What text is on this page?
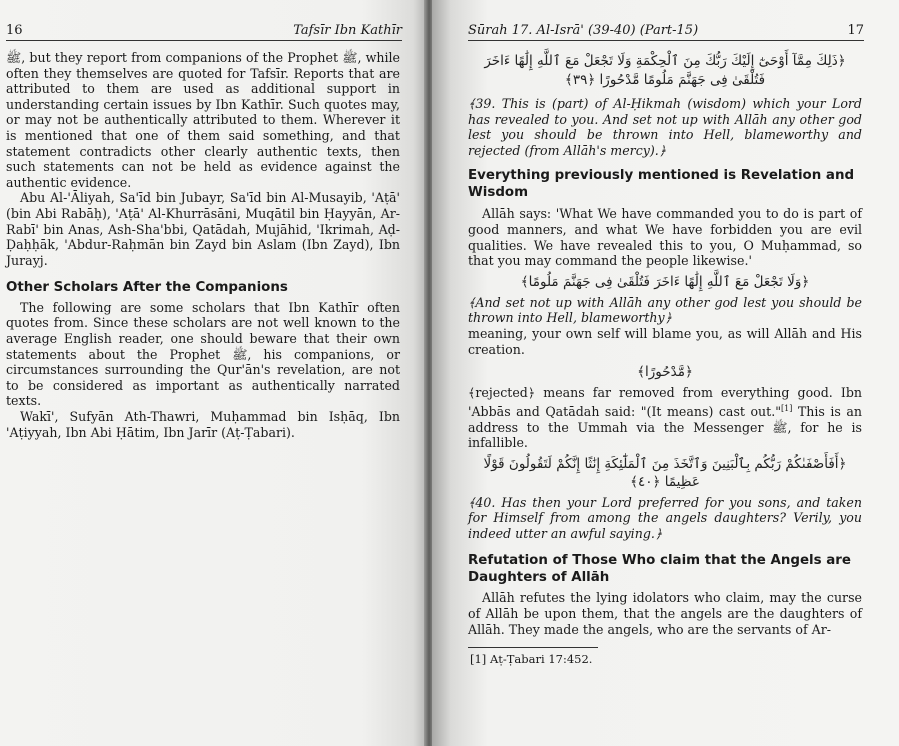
16	Tafsīr Ibn Kathīr

ﷺ, but they report from companions of the Prophet ﷺ, while often they themselves are quoted for Tafsīr. Reports that are attributed to them are used as additional support in understanding certain issues by Ibn Kathīr. Such quotes may, or may not be authentically attributed to them. Wherever it is mentioned that one of them said something, and that statement contradicts other clearly authentic texts, then such statements can not be held as evidence against the authentic evidence.

Abu Al-'Āliyah, Sa'īd bin Jubayr, Sa'īd bin Al-Musayib, 'Aṭā' (bin Abi Rabāḥ), 'Aṭā' Al-Khurrāsāni, Muqātil bin Ḥayyān, Ar-Rabī' bin Anas, Ash-Sha'bbi, Qatādah, Mujāhid, 'Ikrimah, Aḍ-Ḍaḥḥāk, 'Abdur-Raḥmān bin Zayd bin Aslam (Ibn Zayd), Ibn Jurayj.

Other Scholars After the Companions

The following are some scholars that Ibn Kathīr often quotes from. Since these scholars are not well known to the average English reader, one should beware that their own statements about the Prophet ﷺ, his companions, or circumstances surrounding the Qur'ān's revelation, are not to be considered as important as authentically narrated texts.

Wakī', Sufyān Ath-Thawri, Muḥammad bin Isḥāq, Ibn 'Aṭiyyah, Ibn Abi Ḥātim, Ibn Jarīr (Aṭ-Ṭabari).

Sūrah 17. Al-Isrā' (39-40) (Part-15)	17

﴿ذَلِكَ مِمَّآ أَوْحَىٰٓ إِلَيْكَ رَبُّكَ مِنَ ٱلْحِكْمَةِ وَلَا تَجْعَلْ مَعَ ٱللَّهِ إِلَٰهًا ءَاخَرَ فَتُلْقَىٰ فِى جَهَنَّمَ مَلُومًا مَّدْحُورًا ﴿٣٩﴾

﴾39. This is (part) of Al-Ḥikmah (wisdom) which your Lord has revealed to you. And set not up with Allāh any other god lest you should be thrown into Hell, blameworthy and rejected (from Allāh's mercy).﴿

Everything previously mentioned is Revelation and Wisdom

Allāh says: 'What We have commanded you to do is part of good manners, and what We have forbidden you are evil qualities. We have revealed this to you, O Muḥammad, so that you may command the people likewise.'

﴿وَلَا تَجْعَلْ مَعَ ٱللَّهِ إِلَٰهًا ءَاخَرَ فَتُلْقَىٰ فِى جَهَنَّمَ مَلُومًا﴾

﴾And set not up with Allāh any other god lest you should be thrown into Hell, blameworthy﴿

meaning, your own self will blame you, as will Allāh and His creation.

﴿مَّدْحُورًا﴾

﴾rejected﴿ means far removed from everything good. Ibn 'Abbās and Qatādah said: "(It means) cast out."[1] This is an address to the Ummah via the Messenger ﷺ, for he is infallible.

﴿أَفَأَصْفَىٰكُمْ رَبُّكُم بِٱلْبَنِينَ وَٱتَّخَذَ مِنَ ٱلْمَلَٰٓئِكَةِ إِنَٰثًا إِنَّكُمْ لَتَقُولُونَ قَوْلًا عَظِيمًا ﴿٤٠﴾

﴾40. Has then your Lord preferred for you sons, and taken for Himself from among the angels daughters? Verily, you indeed utter an awful saying.﴿

Refutation of Those Who claim that the Angels are Daughters of Allāh

Allāh refutes the lying idolators who claim, may the curse of Allāh be upon them, that the angels are the daughters of Allāh. They made the angels, who are the servants of Ar-

[1] Aṭ-Ṭabari 17:452.
